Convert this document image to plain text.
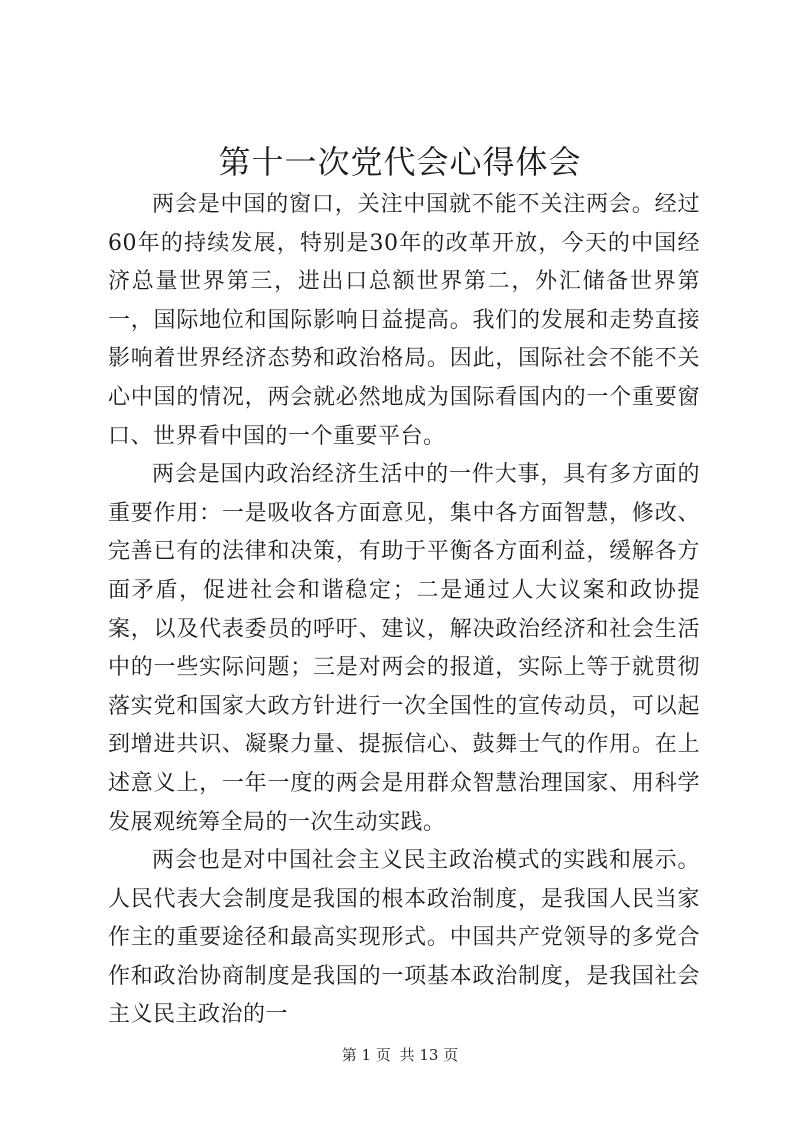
第十一次党代会心得体会

两会是中国的窗口，关注中国就不能不关注两会。经过60年的持续发展，特别是30年的改革开放，今天的中国经济总量世界第三，进出口总额世界第二，外汇储备世界第一，国际地位和国际影响日益提高。我们的发展和走势直接影响着世界经济态势和政治格局。因此，国际社会不能不关心中国的情况，两会就必然地成为国际看国内的一个重要窗口、世界看中国的一个重要平台。

两会是国内政治经济生活中的一件大事，具有多方面的重要作用：一是吸收各方面意见，集中各方面智慧，修改、完善已有的法律和决策，有助于平衡各方面利益，缓解各方面矛盾，促进社会和谐稳定；二是通过人大议案和政协提案，以及代表委员的呼吁、建议，解决政治经济和社会生活中的一些实际问题；三是对两会的报道，实际上等于就贯彻落实党和国家大政方针进行一次全国性的宣传动员，可以起到增进共识、凝聚力量、提振信心、鼓舞士气的作用。在上述意义上，一年一度的两会是用群众智慧治理国家、用科学发展观统筹全局的一次生动实践。

两会也是对中国社会主义民主政治模式的实践和展示。人民代表大会制度是我国的根本政治制度，是我国人民当家作主的重要途径和最高实现形式。中国共产党领导的多党合作和政治协商制度是我国的一项基本政治制度，是我国社会主义民主政治的一

第 1 页 共 13 页
